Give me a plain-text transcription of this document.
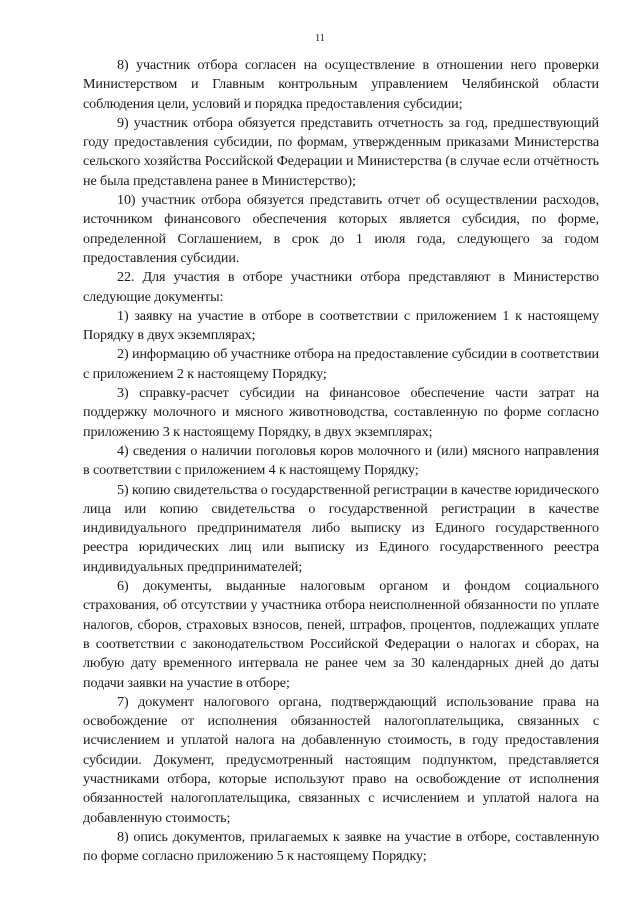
11

8) участник отбора согласен на осуществление в отношении него проверки Министерством и Главным контрольным управлением Челябинской области соблюдения цели, условий и порядка предоставления субсидии;

9) участник отбора обязуется представить отчетность за год, предшествующий году предоставления субсидии, по формам, утвержденным приказами Министерства сельского хозяйства Российской Федерации и Министерства (в случае если отчётность не была представлена ранее в Министерство);

10) участник отбора обязуется представить отчет об осуществлении расходов, источником финансового обеспечения которых является субсидия, по форме, определенной Соглашением, в срок до 1 июля года, следующего за годом предоставления субсидии.

22. Для участия в отборе участники отбора представляют в Министерство следующие документы:

1) заявку на участие в отборе в соответствии с приложением 1 к настоящему Порядку в двух экземплярах;

2) информацию об участнике отбора на предоставление субсидии в соответствии с приложением 2 к настоящему Порядку;

3) справку-расчет субсидии на финансовое обеспечение части затрат на поддержку молочного и мясного животноводства, составленную по форме согласно приложению 3 к настоящему Порядку, в двух экземплярах;

4) сведения о наличии поголовья коров молочного и (или) мясного направления в соответствии с приложением 4 к настоящему Порядку;

5) копию свидетельства о государственной регистрации в качестве юридического лица или копию свидетельства о государственной регистрации в качестве индивидуального предпринимателя либо выписку из Единого государственного реестра юридических лиц или выписку из Единого государственного реестра индивидуальных предпринимателей;

6) документы, выданные налоговым органом и фондом социального страхования, об отсутствии у участника отбора неисполненной обязанности по уплате налогов, сборов, страховых взносов, пеней, штрафов, процентов, подлежащих уплате в соответствии с законодательством Российской Федерации о налогах и сборах, на любую дату временного интервала не ранее чем за 30 календарных дней до даты подачи заявки на участие в отборе;

7) документ налогового органа, подтверждающий использование права на освобождение от исполнения обязанностей налогоплательщика, связанных с исчислением и уплатой налога на добавленную стоимость, в году предоставления субсидии. Документ, предусмотренный настоящим подпунктом, представляется участниками отбора, которые используют право на освобождение от исполнения обязанностей налогоплательщика, связанных с исчислением и уплатой налога на добавленную стоимость;

8) опись документов, прилагаемых к заявке на участие в отборе, составленную по форме согласно приложению 5 к настоящему Порядку;
